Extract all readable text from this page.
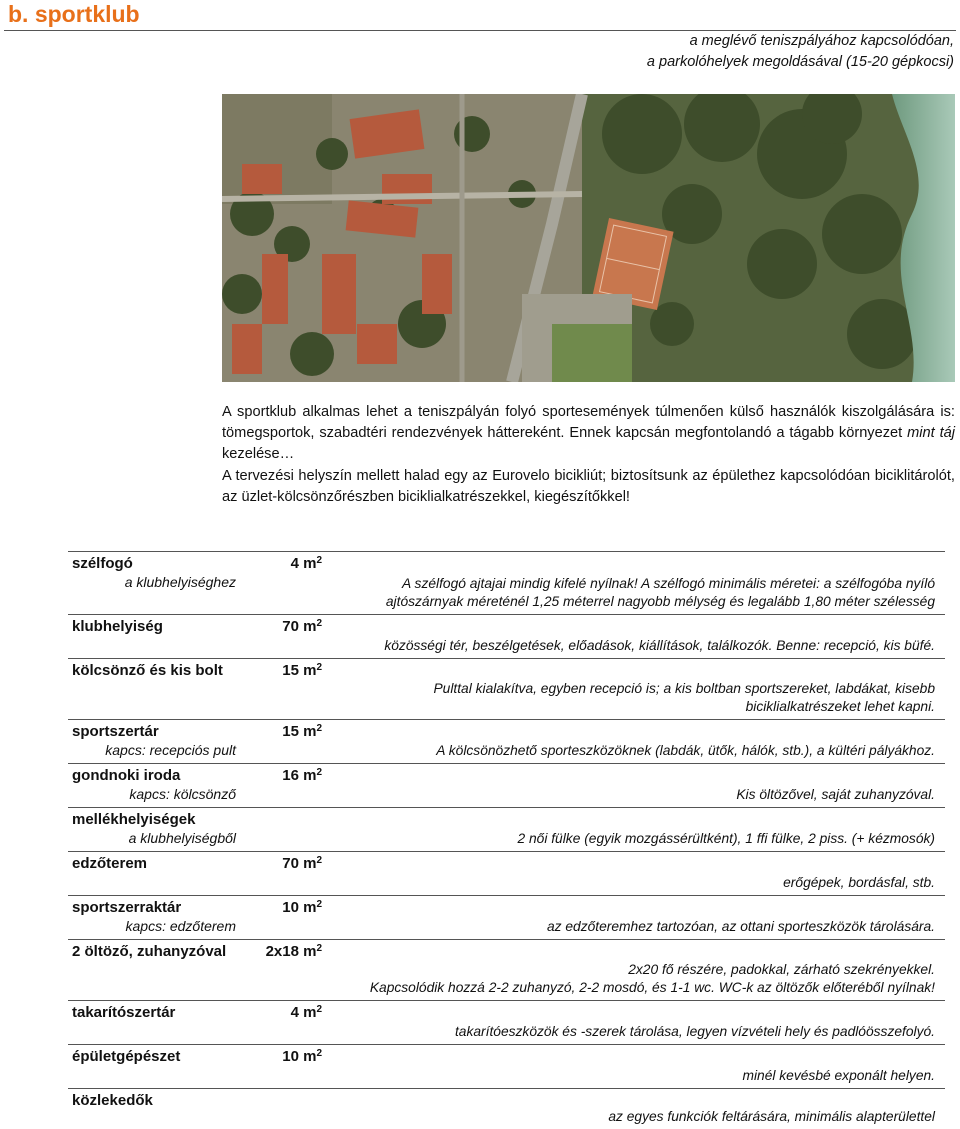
b. sportklub
a meglévő teniszpályához kapcsolódóan,
a parkolóhelyek megoldásával (15-20 gépkocsi)
A sportklub alkalmas lehet a teniszpályán folyó sportesemények túlmenően külső használók kiszolgálására is: tömegsportok, szabadtéri rendezvények háttereként. Ennek kapcsán megfontolandó a tágabb környezet mint táj kezelése…
A tervezési helyszín mellett halad egy az Eurovelo bicikliút; biztosítsunk az épülethez kapcsolódóan biciklitárolót, az üzlet-kölcsönzőrészben biciklialkatrészekkel, kiegészítőkkel!
szélfogó	4 $m^2$
a klubhelyiséghez	A szélfogó ajtajai mindig kifelé nyílnak! A szélfogó minimális méretei: a szélfogóba nyíló
ajtószárnyak méreténél 1,25 méterrel nagyobb mélység és legalább 1,80 méter szélesség
klubhelyiség	70 $m^2$
közösségi tér, beszélgetések, előadások, kiállítások, találkozók. Benne: recepció, kis büfé.
kölcsönző és kis bolt	15 $m^2$
Pulttal kialakítva, egyben recepció is; a kis boltban sportszereket, labdákat, kisebb
biciklialkatrészeket lehet kapni.
sportszertár	15 $m^2$
kapcs: recepciós pult	A kölcsönözhető sporteszközöknek (labdák, ütők, hálók, stb.), a kültéri pályákhoz.
gondnoki iroda	16 $m^2$
kapcs: kölcsönző	Kis öltözővel, saját zuhanyzóval.
mellékhelyiségek
a klubhelyiségből	2 női fülke (egyik mozgássérültként), 1 ffi fülke, 2 piss. (+ kézmosók)
edzőterem	70 $m^2$
erőgépek, bordásfal, stb.
sportszerraktár	10 $m^2$
kapcs: edzőterem	az edzőteremhez tartozóan, az ottani sporteszközök tárolására.
2 öltöző, zuhanyzóval	2x18 $m^2$
2x20 fő részére, padokkal, zárható szekrényekkel.
Kapcsolódik hozzá 2-2 zuhanyzó, 2-2 mosdó, és 1-1 wc. WC-k az öltözők előteréből nyílnak!
takarítószertár	4 $m^2$
takarítóeszközök és -szerek tárolása, legyen vízvételi hely és padlóösszefolyó.
épületgépészet	10 $m^2$
minél kevésbé exponált helyen.
közlekedők
az egyes funkciók feltárására, minimális alapterülettel
